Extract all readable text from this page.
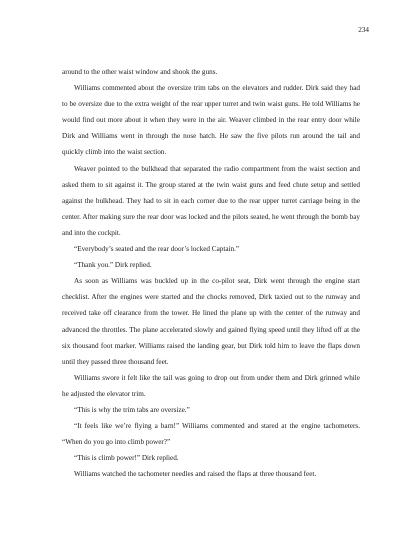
234

around to the other waist window and shook the guns.

Williams commented about the oversize trim tabs on the elevators and rudder. Dirk said they had to be oversize due to the extra weight of the rear upper turret and twin waist guns. He told Williams he would find out more about it when they were in the air. Weaver climbed in the rear entry door while Dirk and Williams went in through the nose hatch. He saw the five pilots run around the tail and quickly climb into the waist section.

Weaver pointed to the bulkhead that separated the radio compartment from the waist section and asked them to sit against it. The group stared at the twin waist guns and feed chute setup and settled against the bulkhead. They had to sit in each corner due to the rear upper turret carriage being in the center. After making sure the rear door was locked and the pilots seated, he went through the bomb bay and into the cockpit.

“Everybody’s seated and the rear door’s locked Captain.”

“Thank you.” Dirk replied.

As soon as Williams was buckled up in the co-pilot seat, Dirk went through the engine start checklist. After the engines were started and the chocks removed, Dirk taxied out to the runway and received take off clearance from the tower. He lined the plane up with the center of the runway and advanced the throttles. The plane accelerated slowly and gained flying speed until they lifted off at the six thousand foot marker. Williams raised the landing gear, but Dirk told him to leave the flaps down until they passed three thousand feet.

Williams swore it felt like the tail was going to drop out from under them and Dirk grinned while he adjusted the elevator trim.

“This is why the trim tabs are oversize.”

“It feels like we’re flying a barn!” Williams commented and stared at the engine tachometers. “When do you go into climb power?”

“This is climb power!” Dirk replied.

Williams watched the tachometer needles and raised the flaps at three thousand feet.
